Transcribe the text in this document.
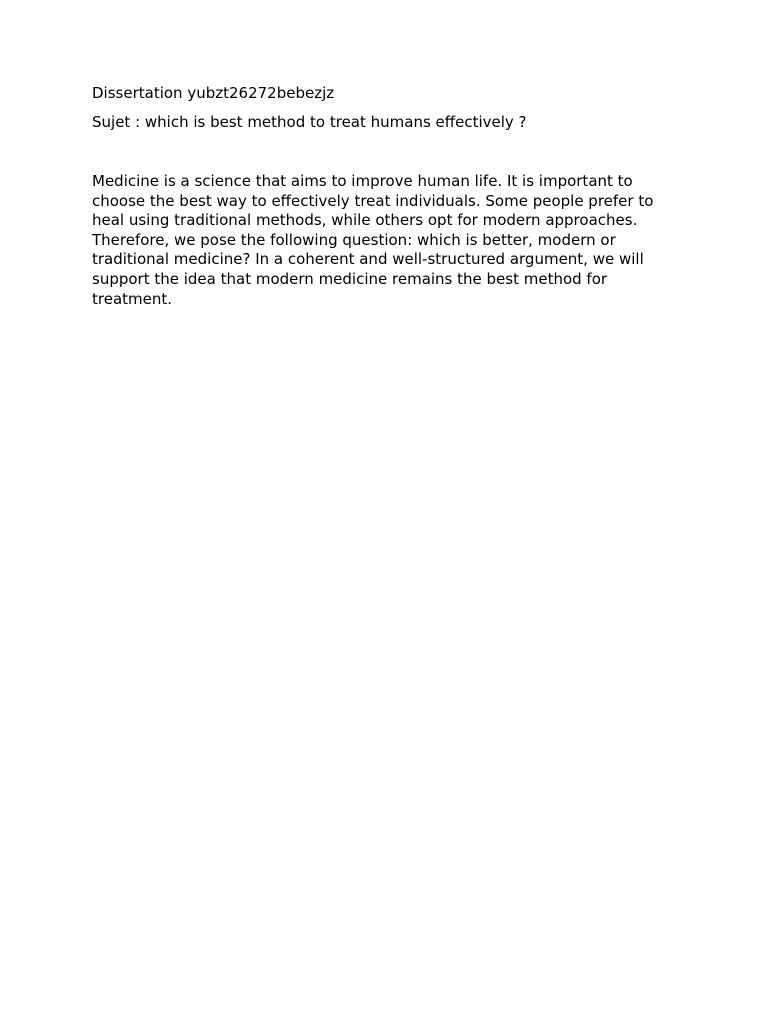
Dissertation yubzt26272bebezjz
Sujet : which is best method to treat humans effectively ?
Medicine is a science that aims to improve human life. It is important to
choose the best way to effectively treat individuals. Some people prefer to
heal using traditional methods, while others opt for modern approaches.
Therefore, we pose the following question: which is better, modern or
traditional medicine? In a coherent and well-structured argument, we will
support the idea that modern medicine remains the best method for
treatment.
